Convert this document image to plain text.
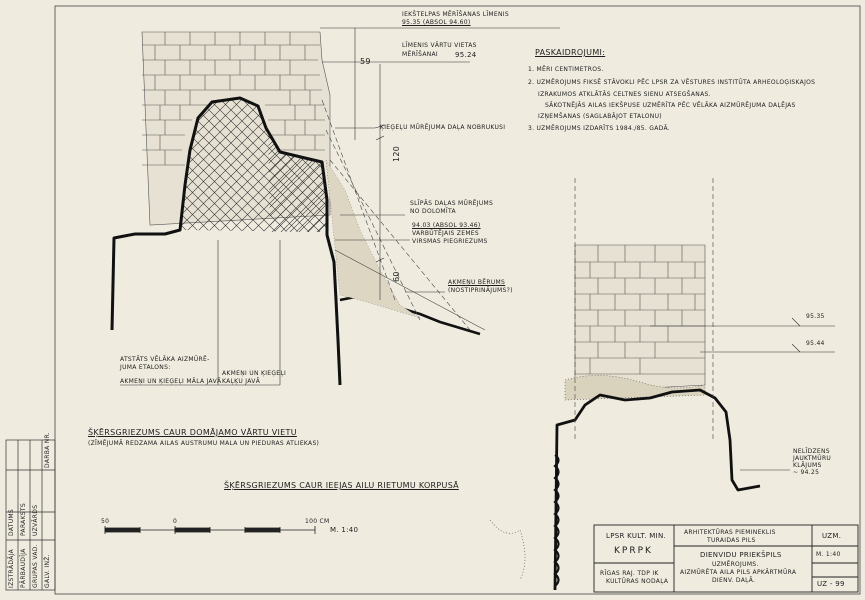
IEKŠTELPAS MĒRĪŠANAS LĪMENIS
95.35 (ABSOL 94.60)
LĪMENIS VĀRTU VIETAS
MĒRĪŠANAI 95.24
59
120
60
ĶIEĢEĻU MŪRĒJUMA DAĻA NOBRUKUSI
SLĪPĀS DAĻAS MŪRĒJUMS
NO DOLOMĪTA
94.03 (ABSOL 93.46)
VARBŪTĒJAIS ZEMES
VIRSMAS PIEGRIEZUMS
AKMEŅU BĒRUMS
(NOSTIPRINĀJUMS?)
ATSTĀTS VĒLĀKA AIZMŪRĒ-
JUMA ETALONS:
AKMEŅI UN ĶIEĢEĻI MĀLA JAVĀ
AKMEŅI UN ĶIEĢEĻI
KAĻĶU JAVĀ
PASKAIDROJUMI:
1. MĒRI CENTIMETROS.
2. UZMĒROJUMS FIKSĒ STĀVOKLI PĒC LPSR ZA VĒSTURES INSTITŪTA ARHEOLOĢISKAJOS
IZRAKUMOS ATKLĀTĀS CELTNES SIENU ATSEGŠANAS.
SĀKOTNĒJĀS AILAS IEKŠPUSE UZMĒRĪTA PĒC VĒLĀKA AIZMŪRĒJUMA DAĻĒJAS
IZŅEMŠANAS (SAGLABĀJOT ETALONU)
3. UZMĒROJUMS IZDARĪTS 1984./85. GADĀ.
95.35
95.44
NELĪDZENS
JAUKTMŪRU
KLĀJUMS
~ 94.25
ŠĶĒRSGRIEZUMS CAUR DOMĀJAMO VĀRTU VIETU
(ZĪMĒJUMĀ REDZAMA AILAS AUSTRUMU MALA UN PIEDURAS ATLIEKAS)
ŠĶĒRSGRIEZUMS CAUR IEEJAS AILU RIETUMU KORPUSĀ
50	0	100 CM
M. 1:40
LPSR KULT. MIN.
KPRPK
RĪGAS RAJ. TDP IK
KULTŪRAS NODAĻA
ARHITEKTŪRAS PIEMINEKLIS
TURAIDAS PILS
DIENVIDU PRIEKŠPILS
UZMĒROJUMS.
AIZMŪRĒTA AILA PILS APKĀRTMŪRA
DIENV. DAĻĀ.
UZM.
M. 1:40
UZ - 99
IZSTRĀDĀJA PĀRBAUDĪJA GRUPAS VAD. GALV. INŽ.
DATUMS PARAKSTS UZVĀRDS
DARBA NR.
